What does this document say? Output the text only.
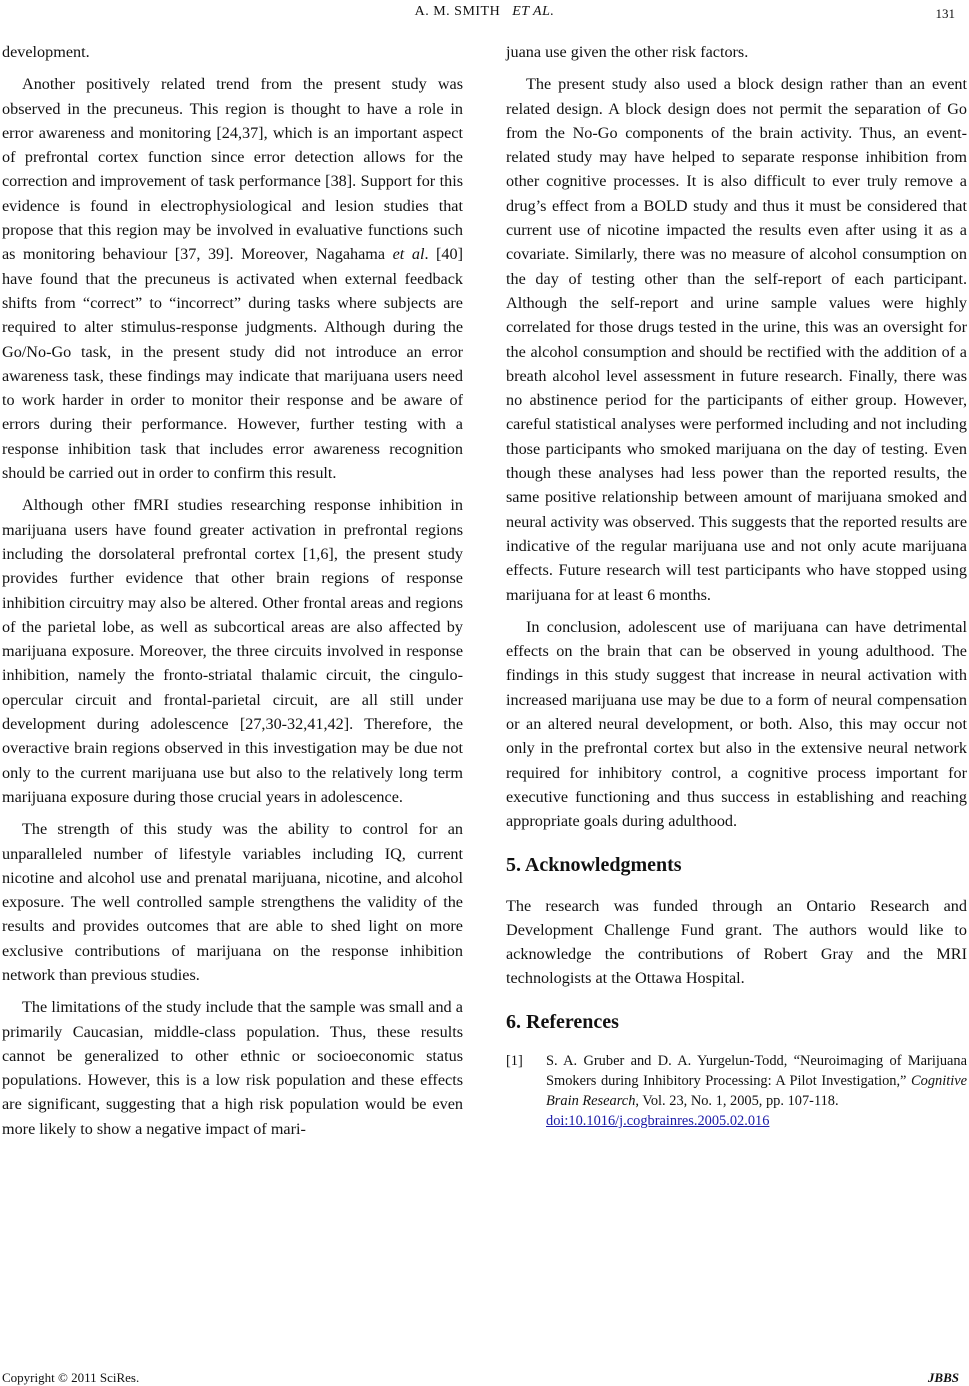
A. M. SMITH ET AL.	131

development.

Another positively related trend from the present study was observed in the precuneus. This region is thought to have a role in error awareness and monitoring [24,37], which is an important aspect of prefrontal cortex function since error detection allows for the correction and improvement of task performance [38]. Support for this evidence is found in electrophysiological and lesion studies that propose that this region may be involved in evaluative functions such as monitoring behaviour [37, 39]. Moreover, Nagahama et al. [40] have found that the precuneus is activated when external feedback shifts from “correct” to “incorrect” during tasks where subjects are required to alter stimulus-response judgments. Although during the Go/No-Go task, in the present study did not introduce an error awareness task, these findings may indicate that marijuana users need to work harder in order to monitor their response and be aware of errors during their performance. However, further testing with a response inhibition task that includes error awareness recognition should be carried out in order to confirm this result.

Although other fMRI studies researching response inhibition in marijuana users have found greater activation in prefrontal regions including the dorsolateral prefrontal cortex [1,6], the present study provides further evidence that other brain regions of response inhibition circuitry may also be altered. Other frontal areas and regions of the parietal lobe, as well as subcortical areas are also affected by marijuana exposure. Moreover, the three circuits involved in response inhibition, namely the fronto-striatal thalamic circuit, the cingulo-opercular circuit and frontal-parietal circuit, are all still under development during adolescence [27,30-32,41,42]. Therefore, the overactive brain regions observed in this investigation may be due not only to the current marijuana use but also to the relatively long term marijuana exposure during those crucial years in adolescence.

The strength of this study was the ability to control for an unparalleled number of lifestyle variables including IQ, current nicotine and alcohol use and prenatal marijuana, nicotine, and alcohol exposure. The well controlled sample strengthens the validity of the results and provides outcomes that are able to shed light on more exclusive contributions of marijuana on the response inhibition network than previous studies.

The limitations of the study include that the sample was small and a primarily Caucasian, middle-class population. Thus, these results cannot be generalized to other ethnic or socioeconomic status populations. However, this is a low risk population and these effects are significant, suggesting that a high risk population would be even more likely to show a negative impact of mari-

juana use given the other risk factors.

The present study also used a block design rather than an event related design. A block design does not permit the separation of Go from the No-Go components of the brain activity. Thus, an event-related study may have helped to separate response inhibition from other cognitive processes. It is also difficult to ever truly remove a drug’s effect from a BOLD study and thus it must be considered that current use of nicotine impacted the results even after using it as a covariate. Similarly, there was no measure of alcohol consumption on the day of testing other than the self-report of each participant. Although the self-report and urine sample values were highly correlated for those drugs tested in the urine, this was an oversight for the alcohol consumption and should be rectified with the addition of a breath alcohol level assessment in future research. Finally, there was no abstinence period for the participants of either group. However, careful statistical analyses were performed including and not including those participants who smoked marijuana on the day of testing. Even though these analyses had less power than the reported results, the same positive relationship between amount of marijuana smoked and neural activity was observed. This suggests that the reported results are indicative of the regular marijuana use and not only acute marijuana effects. Future research will test participants who have stopped using marijuana for at least 6 months.

In conclusion, adolescent use of marijuana can have detrimental effects on the brain that can be observed in young adulthood. The findings in this study suggest that increase in neural activation with increased marijuana use may be due to a form of neural compensation or an altered neural development, or both. Also, this may occur not only in the prefrontal cortex but also in the extensive neural network required for inhibitory control, a cognitive process important for executive functioning and thus success in establishing and reaching appropriate goals during adulthood.

5. Acknowledgments

The research was funded through an Ontario Research and Development Challenge Fund grant. The authors would like to acknowledge the contributions of Robert Gray and the MRI technologists at the Ottawa Hospital.

6. References
[1]	S. A. Gruber and D. A. Yurgelun-Todd, “Neuroimaging of Marijuana Smokers during Inhibitory Processing: A Pilot Investigation,” Cognitive Brain Research, Vol. 23, No. 1, 2005, pp. 107-118.
doi:10.1016/j.cogbrainres.2005.02.016
Copyright © 2011 SciRes.	JBBS
